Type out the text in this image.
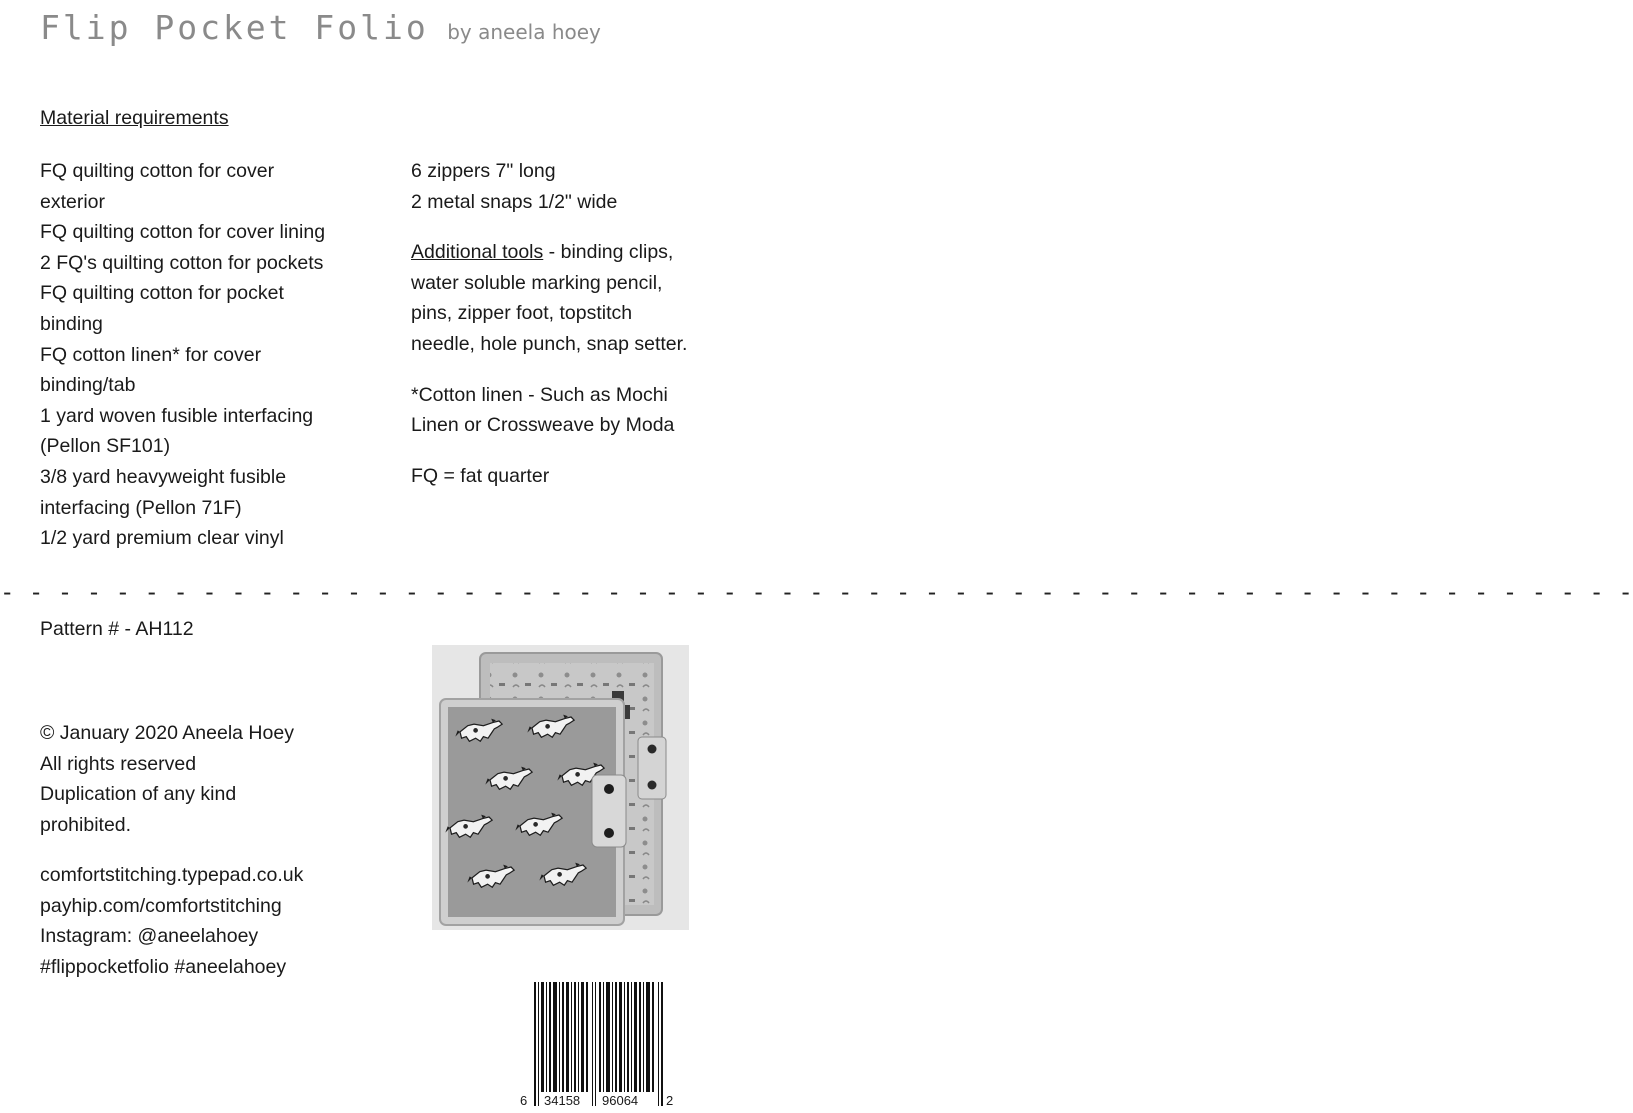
Flip Pocket Folio by aneela hoey
Material requirements
FQ quilting cotton for cover
exterior
FQ quilting cotton for cover lining
2 FQ's quilting cotton for pockets
FQ quilting cotton for pocket
binding
FQ cotton linen* for cover
binding/tab
1 yard woven fusible interfacing
(Pellon SF101)
3/8 yard heavyweight fusible
interfacing (Pellon 71F)
1/2 yard premium clear vinyl
6 zippers 7" long
2 metal snaps 1/2" wide
Additional tools - binding clips,
water soluble marking pencil,
pins, zipper foot, topstitch
needle, hole punch, snap setter.
*Cotton linen - Such as Mochi
Linen or Crossweave by Moda
FQ = fat quarter
- - - - - - - - - - - - - - - - - - - - - - - - - - - - - - - - - - - - - - - - - - - - - - - - - - - - - - - - -
Pattern # - AH112
© January 2020 Aneela Hoey
All rights reserved
Duplication of any kind
prohibited.
comfortstitching.typepad.co.uk
payhip.com/comfortstitching
Instagram: @aneelahoey
#flippocketfolio #aneelahoey
6 34158 96064 2
